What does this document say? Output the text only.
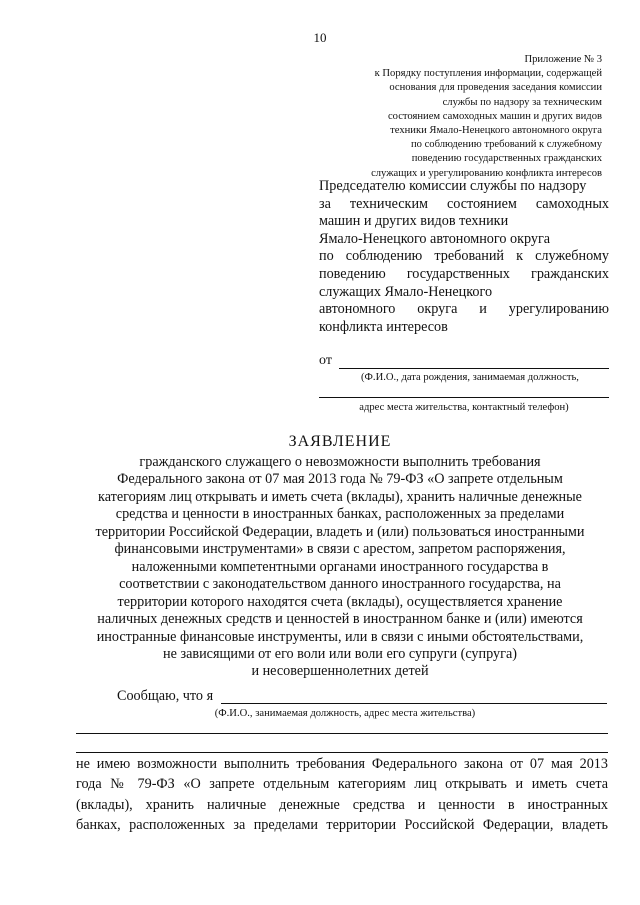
10
Приложение № 3
к Порядку поступления информации, содержащей
основания для проведения заседания комиссии
службы по надзору за техническим
состоянием самоходных машин и других видов
техники Ямало-Ненецкого автономного округа
по соблюдению требований к служебному
поведению государственных гражданских
служащих и урегулированию конфликта интересов
Председателю комиссии службы по надзору
за техническим состоянием самоходных
машин и других видов техники
Ямало-Ненецкого автономного округа
по соблюдению требований к служебному
поведению государственных гражданских
служащих Ямало-Ненецкого
автономного округа и урегулированию
конфликта интересов
от
(Ф.И.О., дата рождения, занимаемая должность,
адрес места жительства, контактный телефон)
ЗАЯВЛЕНИЕ
гражданского служащего о невозможности выполнить требования
Федерального закона от 07 мая 2013 года № 79-ФЗ «О запрете отдельным
категориям лиц открывать и иметь счета (вклады), хранить наличные денежные
средства и ценности в иностранных банках, расположенных за пределами
территории Российской Федерации, владеть и (или) пользоваться иностранными
финансовыми инструментами» в связи с арестом, запретом распоряжения,
наложенными компетентными органами иностранного государства в
соответствии с законодательством данного иностранного государства, на
территории которого находятся счета (вклады), осуществляется хранение
наличных денежных средств и ценностей в иностранном банке и (или) имеются
иностранные финансовые инструменты, или в связи с иными обстоятельствами,
не зависящими от его воли или воли его супруги (супруга)
и несовершеннолетних детей
Сообщаю, что я
(Ф.И.О., занимаемая должность, адрес места жительства)
не имею возможности выполнить требования Федерального закона от 07 мая 2013
года № 79-ФЗ «О запрете отдельным категориям лиц открывать и иметь счета
(вклады), хранить наличные денежные средства и ценности в иностранных
банках, расположенных за пределами территории Российской Федерации, владеть
